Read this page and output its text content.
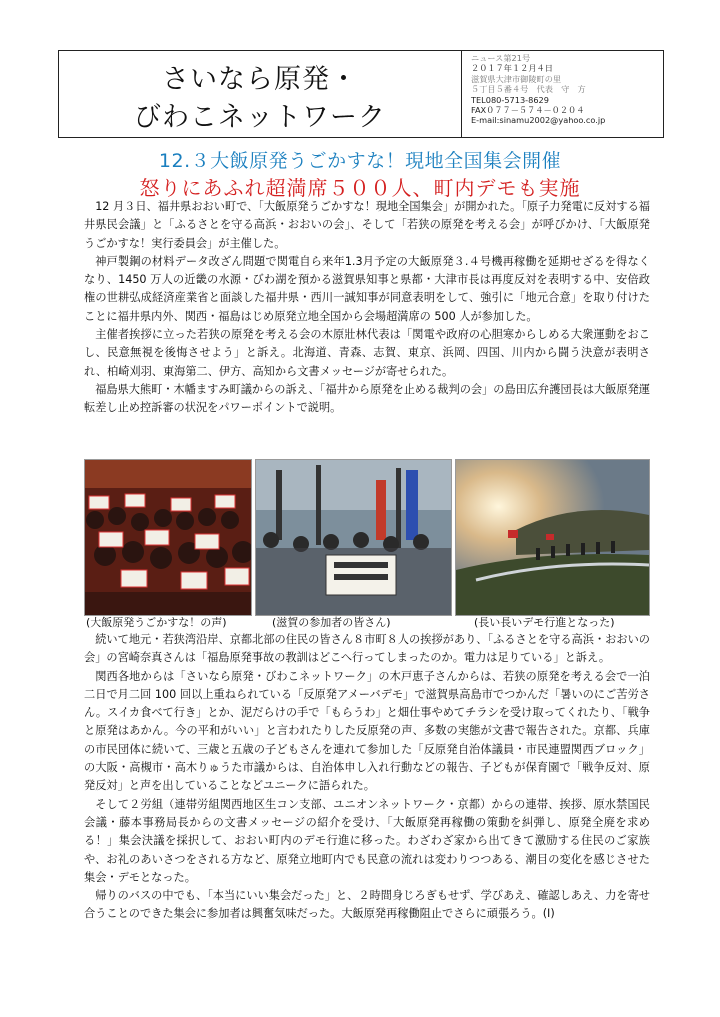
さいなら原発・
びわこネットワーク
ニュース第21号
２０１７年１２月４日
滋賀県大津市御陵町の里
５丁目５番４号　代表　守　方
TEL080-5713-8629
FAX０７７－５７４－０２０４
E-mail:sinamu2002@yahoo.co.jp
12.３大飯原発うごかすな！現地全国集会開催
怒りにあふれ超満席５００人、町内デモも実施

12 月３日、福井県おおい町で、「大飯原発うごかすな！現地全国集会」が開かれた。「原子力発電に反対する福井県民会議」と「ふるさとを守る高浜・おおいの会」、そして「若狭の原発を考える会」が呼びかけ、「大飯原発うごかすな！実行委員会」が主催した。

神戸製鋼の材料データ改ざん問題で関電自ら来年1.3月予定の大飯原発３.４号機再稼働を延期せざるを得なくなり、1450 万人の近畿の水源・びわ湖を預かる滋賀県知事と県都・大津市長は再度反対を表明する中、安倍政権の世耕弘成経済産業省と面談した福井県・西川一誠知事が同意表明をして、強引に「地元合意」を取り付けたことに福井県内外、関西・福島はじめ原発立地全国から会場超満席の 500 人が参加した。

主催者挨拶に立った若狭の原発を考える会の木原壯林代表は「関電や政府の心胆寒からしめる大衆運動をおこし、民意無視を後悔させよう」と訴え。北海道、青森、志賀、東京、浜岡、四国、川内から闘う決意が表明され、柏崎刈羽、東海第二、伊方、高知から文書メッセージが寄せられた。

福島県大熊町・木幡ますみ町議からの訴え、「福井から原発を止める裁判の会」の島田広弁護団長は大飯原発運転差し止め控訴審の状況をパワーポイントで説明。

(大飯原発うごかすな！の声)	(滋賀の参加者の皆さん)	(長い長いデモ行進となった)

続いて地元・若狭湾沿岸、京都北部の住民の皆さん８市町８人の挨拶があり、「ふるさとを守る高浜・おおいの会」の宮崎奈真さんは「福島原発事故の教訓はどこへ行ってしまったのか。電力は足りている」と訴え。

関西各地からは「さいなら原発・びわこネットワーク」の木戸恵子さんからは、若狭の原発を考える会で一泊二日で月二回 100 回以上重ねられている「反原発アメーバデモ」で滋賀県高島市でつかんだ「暑いのにご苦労さん。スイカ食べて行き」とか、泥だらけの手で「もらうわ」と畑仕事やめてチラシを受け取ってくれたり、「戦争と原発はあかん。今の平和がいい」と言われたりした反原発の声、多数の実態が文書で報告された。京都、兵庫の市民団体に続いて、三歳と五歳の子どもさんを連れて参加した「反原発自治体議員・市民連盟関西ブロック」の大阪・高槻市・高木りゅうた市議からは、自治体申し入れ行動などの報告、子どもが保育園で「戦争反対、原発反対」と声を出していることなどユニークに語られた。

そして２労組（連帯労組関西地区生コン支部、ユニオンネットワーク・京都）からの連帯、挨拶、原水禁国民会議・藤本事務局長からの文書メッセージの紹介を受け、「大飯原発再稼働の策動を糾弾し、原発全廃を求める！」集会決議を採択して、おおい町内のデモ行進に移った。わざわざ家から出てきて激励する住民のご家族や、お礼のあいさつをされる方など、原発立地町内でも民意の流れは変わりつつある、潮目の変化を感じさせた集会・デモとなった。

帰りのバスの中でも、「本当にいい集会だった」と、２時間身じろぎもせず、学びあえ、確認しあえ、力を寄せ合うことのできた集会に参加者は興奮気味だった。大飯原発再稼働阻止でさらに頑張ろう。(I)
